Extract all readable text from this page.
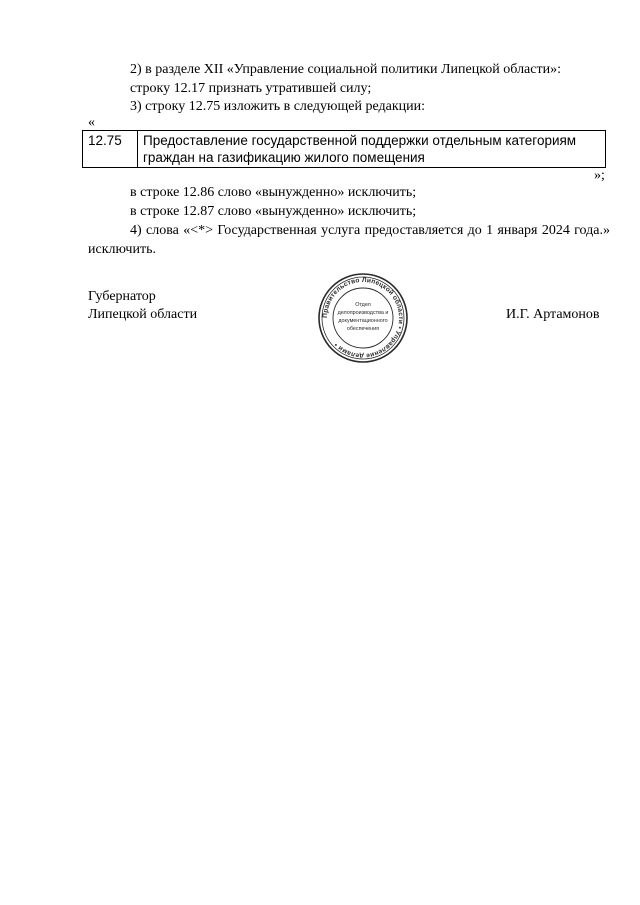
2) в разделе XII «Управление социальной политики Липецкой области»:
строку 12.17 признать утратившей силу;
3) строку 12.75 изложить в следующей редакции:
«
12.75	Предоставление государственной поддержки отдельным категориям граждан на газификацию жилого помещения
»;
в строке 12.86 слово «вынужденно» исключить;
в строке 12.87 слово «вынужденно» исключить;
4) слова «<*> Государственная услуга предоставляется до 1 января 2024 года.» исключить.
Губернатор
Липецкой области	И.Г. Артамонов
Правительство Липецкой области • Управление делами •
Отдел
делопроизводства и
документационного
обеспечения
